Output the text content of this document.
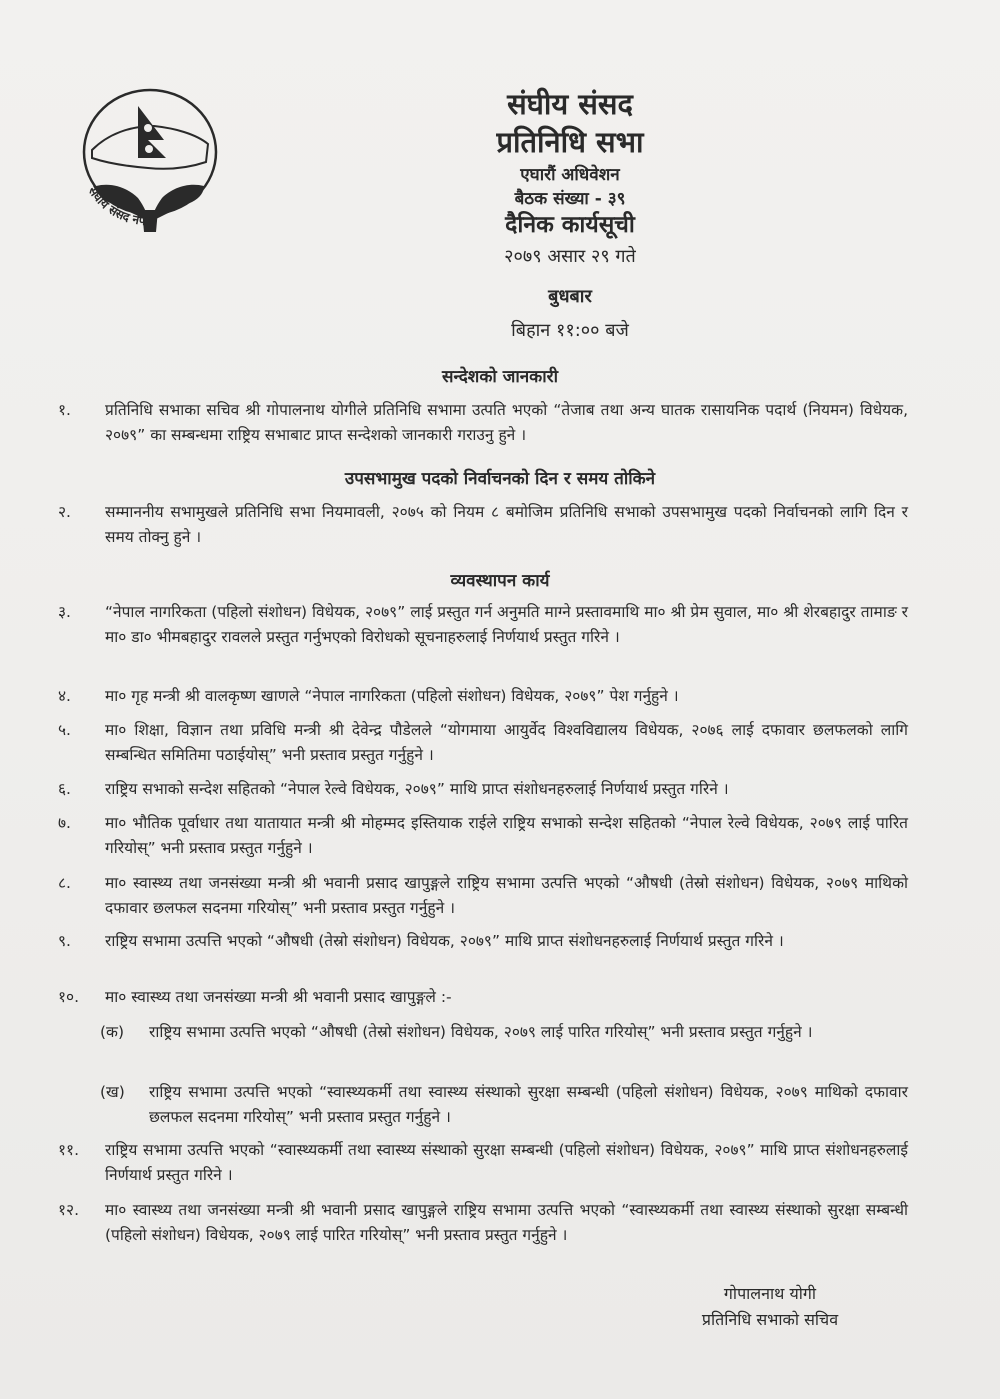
संघीय संसद नेपाल
संघीय संसद
प्रतिनिधि सभा
एघारौं अधिवेशन
बैठक संख्या - ३९
दैनिक कार्यसूची
२०७९ असार २९ गते
बुधबार
बिहान ११:०० बजे
सन्देशको जानकारी
१.	प्रतिनिधि सभाका सचिव श्री गोपालनाथ योगीले प्रतिनिधि सभामा उत्पति भएको “तेजाब तथा अन्य घातक रासायनिक पदार्थ (नियमन) विधेयक, २०७९” का सम्बन्धमा राष्ट्रिय सभाबाट प्राप्त सन्देशको जानकारी गराउनु हुने ।
उपसभामुख पदको निर्वाचनको दिन र समय तोकिने
२.	सम्माननीय सभामुखले प्रतिनिधि सभा नियमावली, २०७५ को नियम ८ बमोजिम प्रतिनिधि सभाको उपसभामुख पदको निर्वाचनको लागि दिन र समय तोक्नु हुने ।
व्यवस्थापन कार्य
३.	“नेपाल नागरिकता (पहिलो संशोधन) विधेयक, २०७९” लाई प्रस्तुत गर्न अनुमति माग्ने प्रस्तावमाथि मा० श्री प्रेम सुवाल, मा० श्री शेरबहादुर तामाङ र मा० डा० भीमबहादुर रावलले प्रस्तुत गर्नुभएको विरोधको सूचनाहरुलाई निर्णयार्थ प्रस्तुत गरिने ।
४.	मा० गृह मन्त्री श्री वालकृष्ण खाणले “नेपाल नागरिकता (पहिलो संशोधन) विधेयक, २०७९” पेश गर्नुहुने ।
५.	मा० शिक्षा, विज्ञान तथा प्रविधि मन्त्री श्री देवेन्द्र पौडेलले “योगमाया आयुर्वेद विश्वविद्यालय विधेयक, २०७६ लाई दफावार छलफलको लागि सम्बन्धित समितिमा पठाईयोस्” भनी प्रस्ताव प्रस्तुत गर्नुहुने ।
६.	राष्ट्रिय सभाको सन्देश सहितको “नेपाल रेल्वे विधेयक, २०७९” माथि प्राप्त संशोधनहरुलाई निर्णयार्थ प्रस्तुत गरिने ।
७.	मा० भौतिक पूर्वाधार तथा यातायात मन्त्री श्री मोहम्मद इस्तियाक राईले राष्ट्रिय सभाको सन्देश सहितको “नेपाल रेल्वे विधेयक, २०७९ लाई पारित गरियोस्” भनी प्रस्ताव प्रस्तुत गर्नुहुने ।
८.	मा० स्वास्थ्य तथा जनसंख्या मन्त्री श्री भवानी प्रसाद खापुङ्गले राष्ट्रिय सभामा उत्पत्ति भएको “औषधी (तेस्रो संशोधन) विधेयक, २०७९ माथिको दफावार छलफल सदनमा गरियोस्” भनी प्रस्ताव प्रस्तुत गर्नुहुने ।
९.	राष्ट्रिय सभामा उत्पत्ति भएको “औषधी (तेस्रो संशोधन) विधेयक, २०७९” माथि प्राप्त संशोधनहरुलाई निर्णयार्थ प्रस्तुत गरिने ।
१०.	मा० स्वास्थ्य तथा जनसंख्या मन्त्री श्री भवानी प्रसाद खापुङ्गले :-
(क)	राष्ट्रिय सभामा उत्पत्ति भएको “औषधी (तेस्रो संशोधन) विधेयक, २०७९ लाई पारित गरियोस्” भनी प्रस्ताव प्रस्तुत गर्नुहुने ।
(ख)	राष्ट्रिय सभामा उत्पत्ति भएको “स्वास्थ्यकर्मी तथा स्वास्थ्य संस्थाको सुरक्षा सम्बन्धी (पहिलो संशोधन) विधेयक, २०७९ माथिको दफावार छलफल सदनमा गरियोस्” भनी प्रस्ताव प्रस्तुत गर्नुहुने ।
११.	राष्ट्रिय सभामा उत्पत्ति भएको “स्वास्थ्यकर्मी तथा स्वास्थ्य संस्थाको सुरक्षा सम्बन्धी (पहिलो संशोधन) विधेयक, २०७९” माथि प्राप्त संशोधनहरुलाई निर्णयार्थ प्रस्तुत गरिने ।
१२.	मा० स्वास्थ्य तथा जनसंख्या मन्त्री श्री भवानी प्रसाद खापुङ्गले राष्ट्रिय सभामा उत्पत्ति भएको “स्वास्थ्यकर्मी तथा स्वास्थ्य संस्थाको सुरक्षा सम्बन्धी (पहिलो संशोधन) विधेयक, २०७९ लाई पारित गरियोस्” भनी प्रस्ताव प्रस्तुत गर्नुहुने ।
गोपालनाथ योगी
प्रतिनिधि सभाको सचिव
